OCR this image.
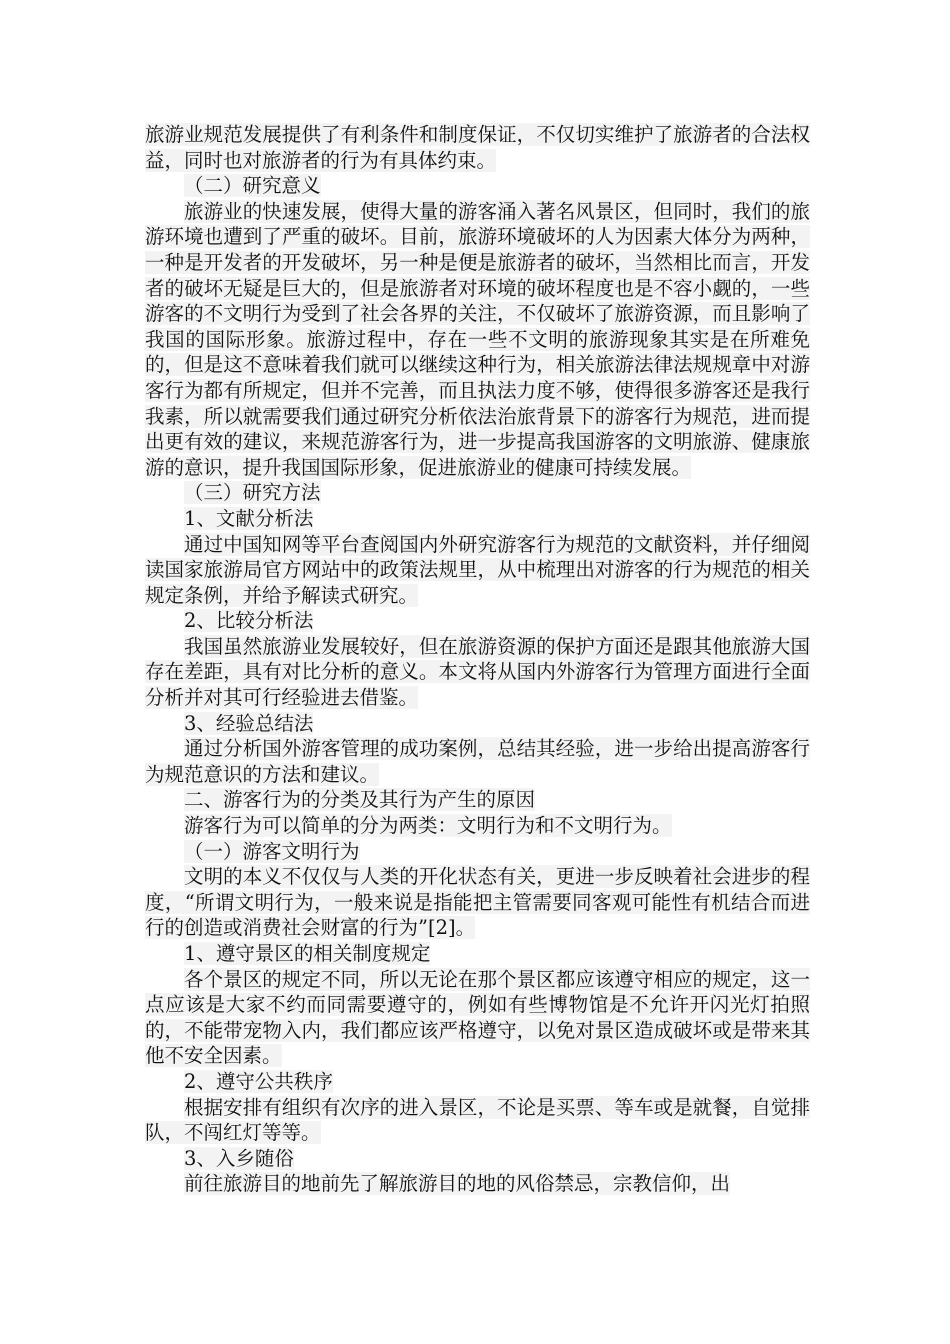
旅游业规范发展提供了有利条件和制度保证，不仅切实维护了旅游者的合法权益，同时也对旅游者的行为有具体约束。

（二）研究意义

旅游业的快速发展，使得大量的游客涌入著名风景区，但同时，我们的旅游环境也遭到了严重的破坏。目前，旅游环境破坏的人为因素大体分为两种，一种是开发者的开发破坏，另一种是便是旅游者的破坏，当然相比而言，开发者的破坏无疑是巨大的，但是旅游者对环境的破坏程度也是不容小觑的，一些游客的不文明行为受到了社会各界的关注，不仅破坏了旅游资源，而且影响了我国的国际形象。旅游过程中，存在一些不文明的旅游现象其实是在所难免的，但是这不意味着我们就可以继续这种行为，相关旅游法律法规规章中对游客行为都有所规定，但并不完善，而且执法力度不够，使得很多游客还是我行我素，所以就需要我们通过研究分析依法治旅背景下的游客行为规范，进而提出更有效的建议，来规范游客行为，进一步提高我国游客的文明旅游、健康旅游的意识，提升我国国际形象，促进旅游业的健康可持续发展。

（三）研究方法

1、文献分析法

通过中国知网等平台查阅国内外研究游客行为规范的文献资料，并仔细阅读国家旅游局官方网站中的政策法规里，从中梳理出对游客的行为规范的相关规定条例，并给予解读式研究。

2、比较分析法

我国虽然旅游业发展较好，但在旅游资源的保护方面还是跟其他旅游大国存在差距，具有对比分析的意义。本文将从国内外游客行为管理方面进行全面分析并对其可行经验进去借鉴。

3、经验总结法

通过分析国外游客管理的成功案例，总结其经验，进一步给出提高游客行为规范意识的方法和建议。

二、游客行为的分类及其行为产生的原因

游客行为可以简单的分为两类：文明行为和不文明行为。

（一）游客文明行为

文明的本义不仅仅与人类的开化状态有关，更进一步反映着社会进步的程度，“所谓文明行为，一般来说是指能把主管需要同客观可能性有机结合而进行的创造或消费社会财富的行为”[2]。

1、遵守景区的相关制度规定

各个景区的规定不同，所以无论在那个景区都应该遵守相应的规定，这一点应该是大家不约而同需要遵守的，例如有些博物馆是不允许开闪光灯拍照的，不能带宠物入内，我们都应该严格遵守，以免对景区造成破坏或是带来其他不安全因素。

2、遵守公共秩序

根据安排有组织有次序的进入景区，不论是买票、等车或是就餐，自觉排队，不闯红灯等等。

3、入乡随俗

前往旅游目的地前先了解旅游目的地的风俗禁忌，宗教信仰，出
